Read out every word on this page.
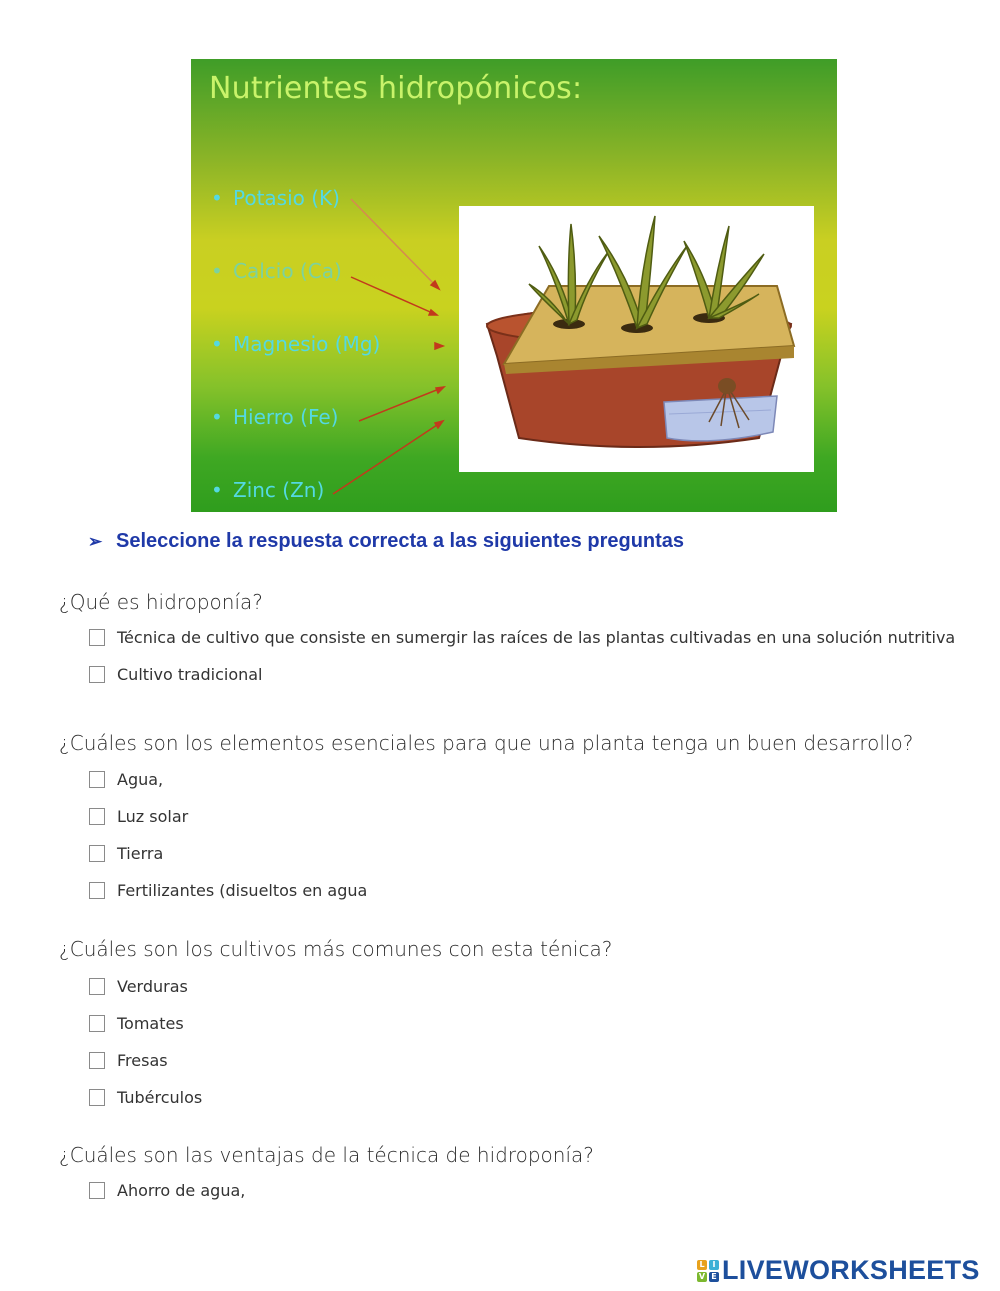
Nutrientes hidropónicos:
• Potasio (K)
• Calcio (Ca)
• Magnesio (Mg)
• Hierro (Fe)
• Zinc (Zn)
➢ Seleccione la respuesta correcta a las siguientes preguntas
¿Qué es hidroponía?
Técnica de cultivo que consiste en sumergir las raíces de las plantas cultivadas en una solución nutritiva
Cultivo tradicional
¿Cuáles son los elementos esenciales para que una planta tenga un buen desarrollo?
Agua,
Luz solar
Tierra
Fertilizantes (disueltos en agua
¿Cuáles son los cultivos más comunes con esta ténica?
Verduras
Tomates
Fresas
Tubérculos
¿Cuáles son las ventajas de la técnica de hidroponía?
Ahorro de agua,
L I
V E LIVEWORKSHEETS
